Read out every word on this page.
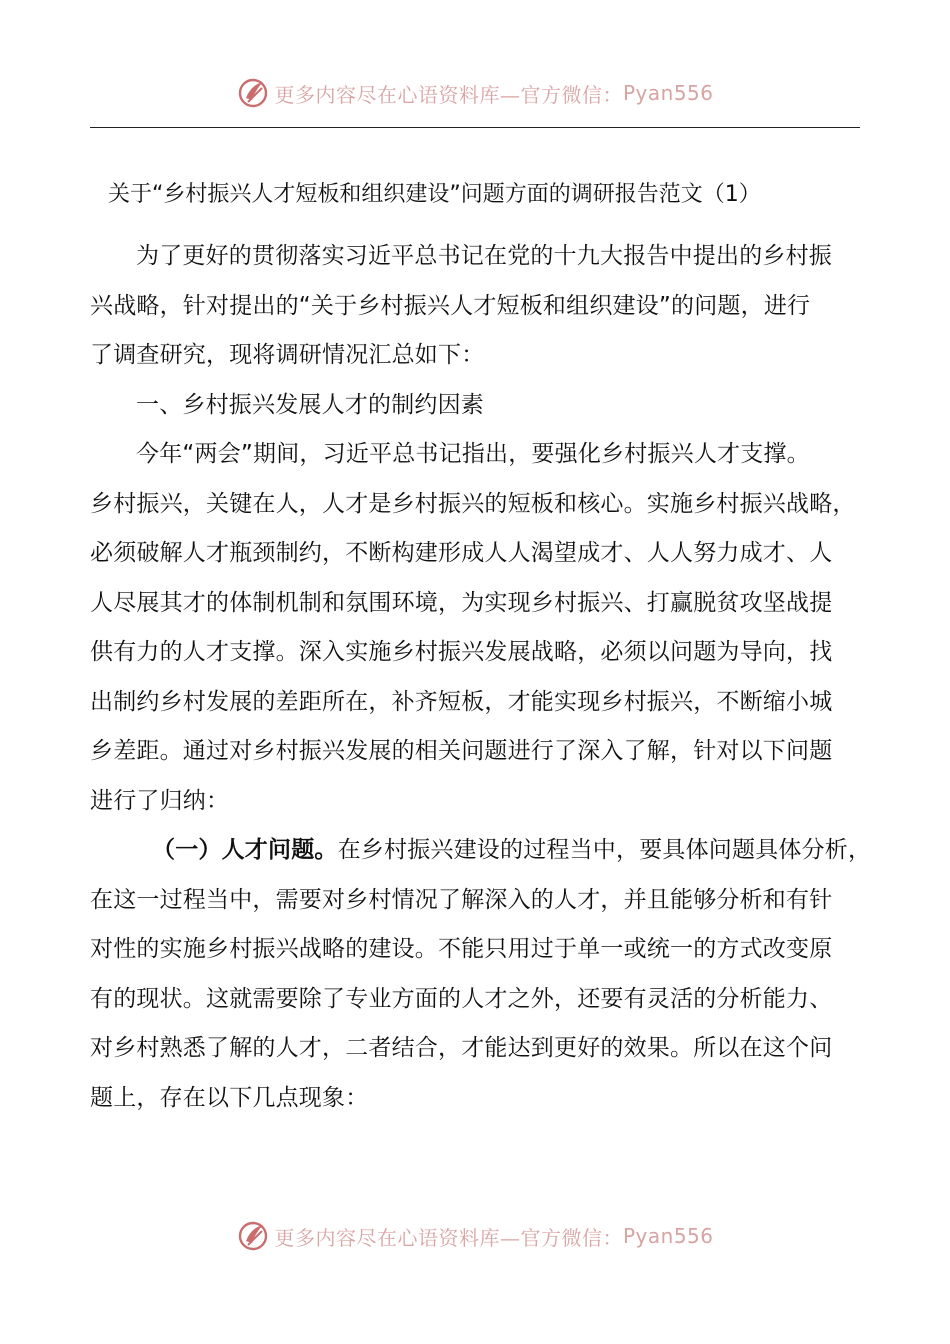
更多内容尽在心语资料库—官方微信： Pyan556
关于“乡村振兴人才短板和组织建设”问题方面的调研报告范文（1）
为了更好的贯彻落实习近平总书记在党的十九大报告中提出的乡村振
兴战略，针对提出的“关于乡村振兴人才短板和组织建设”的问题，进行
了调查研究，现将调研情况汇总如下：
一、乡村振兴发展人才的制约因素
今年“两会”期间，习近平总书记指出，要强化乡村振兴人才支撑。
乡村振兴，关键在人，人才是乡村振兴的短板和核心。实施乡村振兴战略，
必须破解人才瓶颈制约，不断构建形成人人渴望成才、人人努力成才、人
人尽展其才的体制机制和氛围环境，为实现乡村振兴、打赢脱贫攻坚战提
供有力的人才支撑。深入实施乡村振兴发展战略，必须以问题为导向，找
出制约乡村发展的差距所在，补齐短板，才能实现乡村振兴，不断缩小城
乡差距。通过对乡村振兴发展的相关问题进行了深入了解，针对以下问题
进行了归纳：
（一）人才问题。在乡村振兴建设的过程当中，要具体问题具体分析，
在这一过程当中，需要对乡村情况了解深入的人才，并且能够分析和有针
对性的实施乡村振兴战略的建设。不能只用过于单一或统一的方式改变原
有的现状。这就需要除了专业方面的人才之外，还要有灵活的分析能力、
对乡村熟悉了解的人才，二者结合，才能达到更好的效果。所以在这个问
题上，存在以下几点现象：
更多内容尽在心语资料库—官方微信： Pyan556
